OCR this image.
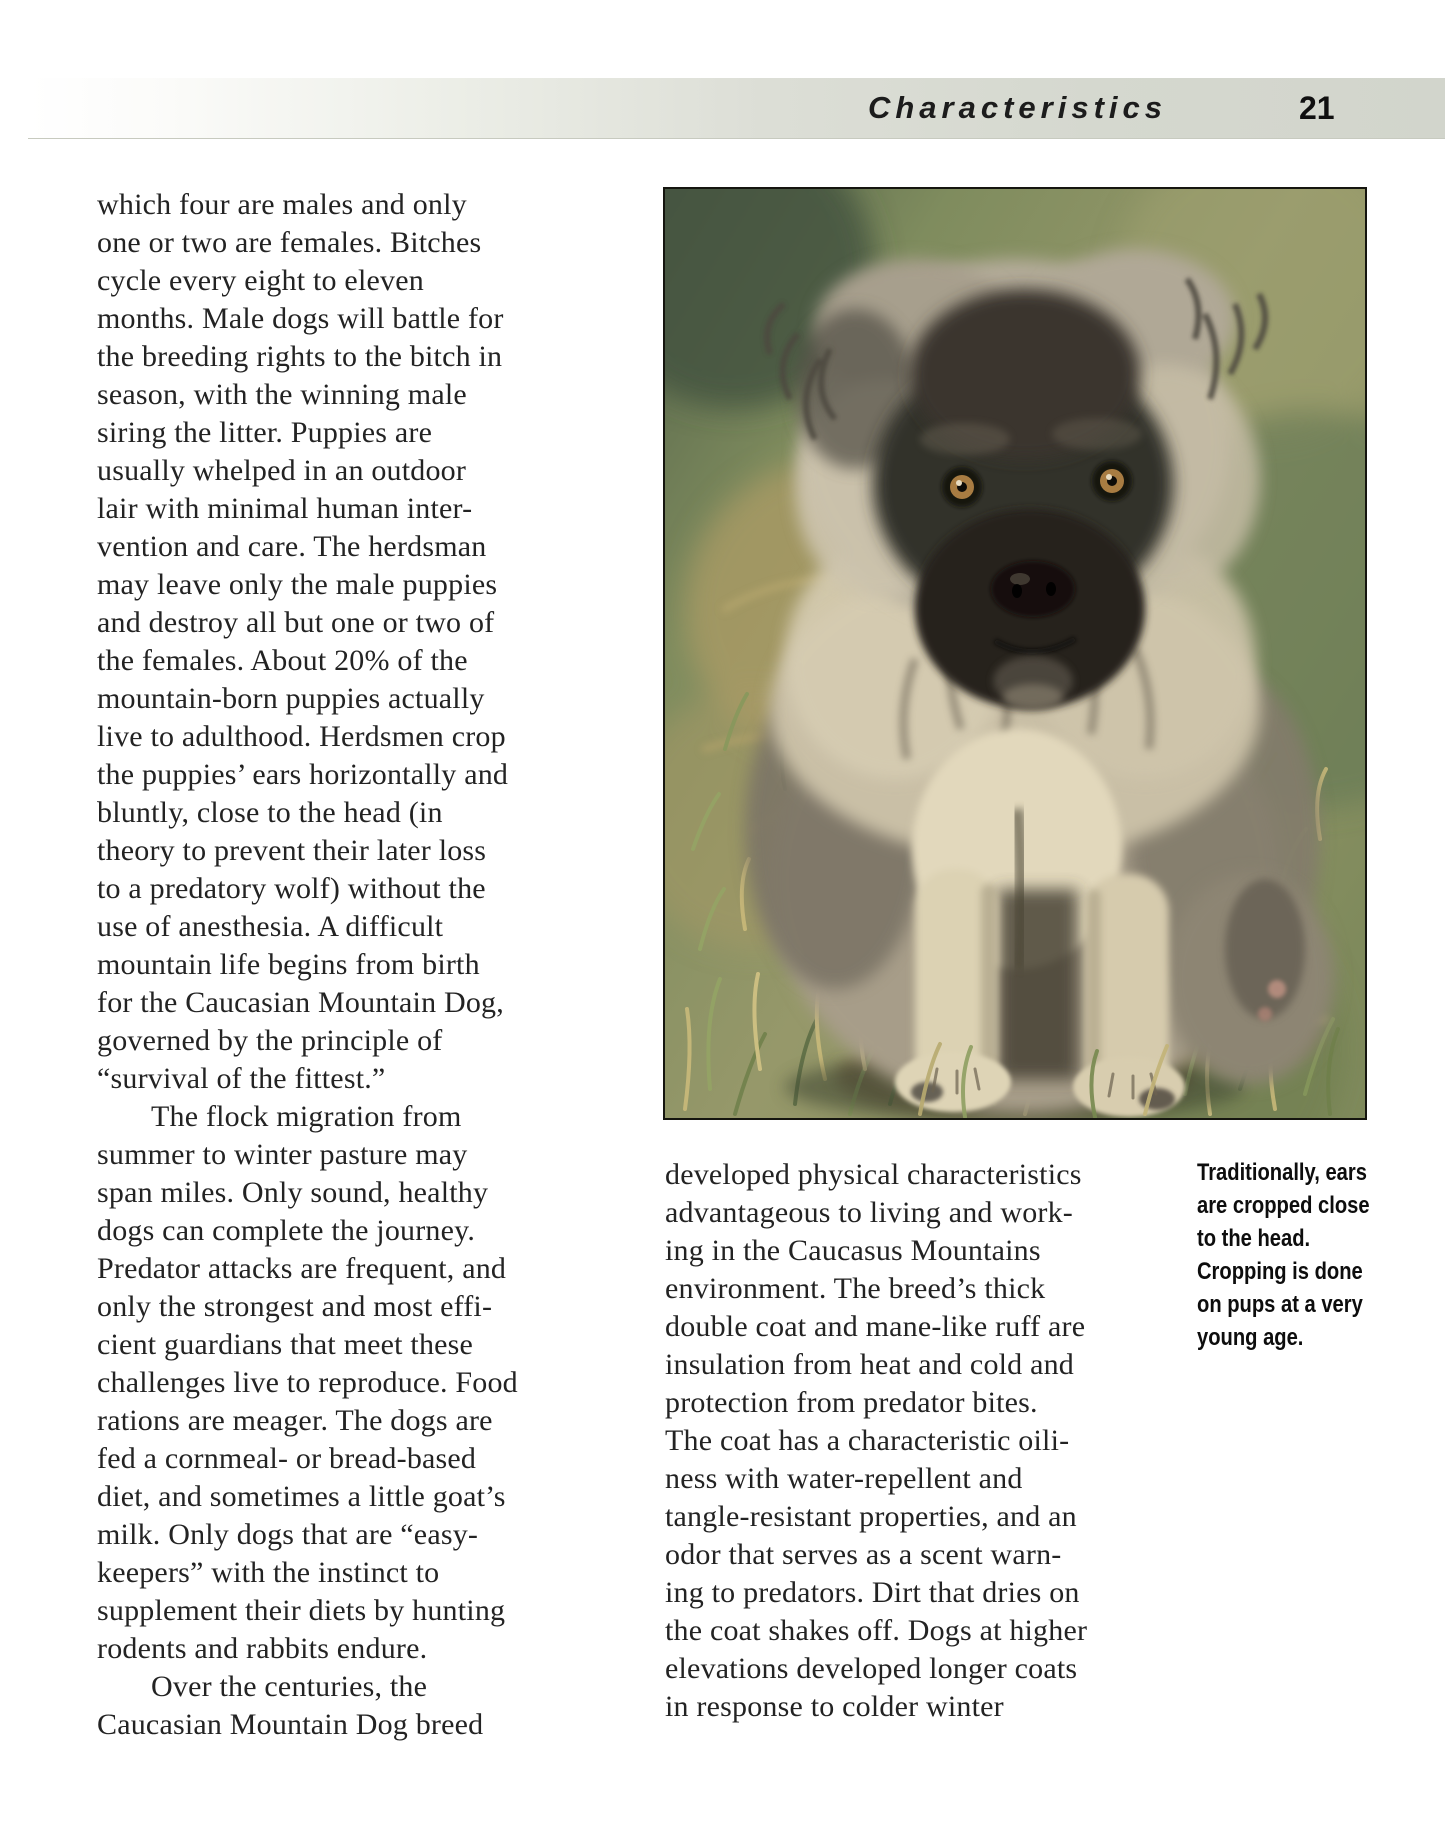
Characteristics	21
which four are males and only
one or two are females. Bitches
cycle every eight to eleven
months. Male dogs will battle for
the breeding rights to the bitch in
season, with the winning male
siring the litter. Puppies are
usually whelped in an outdoor
lair with minimal human inter-
vention and care. The herdsman
may leave only the male puppies
and destroy all but one or two of
the females. About 20% of the
mountain-born puppies actually
live to adulthood. Herdsmen crop
the puppies’ ears horizontally and
bluntly, close to the head (in
theory to prevent their later loss
to a predatory wolf) without the
use of anesthesia. A difficult
mountain life begins from birth
for the Caucasian Mountain Dog,
governed by the principle of
“survival of the fittest.”
The flock migration from
summer to winter pasture may
span miles. Only sound, healthy
dogs can complete the journey.
Predator attacks are frequent, and
only the strongest and most effi-
cient guardians that meet these
challenges live to reproduce. Food
rations are meager. The dogs are
fed a cornmeal- or bread-based
diet, and sometimes a little goat’s
milk. Only dogs that are “easy-
keepers” with the instinct to
supplement their diets by hunting
rodents and rabbits endure.
Over the centuries, the
Caucasian Mountain Dog breed
developed physical characteristics
advantageous to living and work-
ing in the Caucasus Mountains
environment. The breed’s thick
double coat and mane-like ruff are
insulation from heat and cold and
protection from predator bites.
The coat has a characteristic oili-
ness with water-repellent and
tangle-resistant properties, and an
odor that serves as a scent warn-
ing to predators. Dirt that dries on
the coat shakes off. Dogs at higher
elevations developed longer coats
in response to colder winter
Traditionally, ears
are cropped close
to the head.
Cropping is done
on pups at a very
young age.
